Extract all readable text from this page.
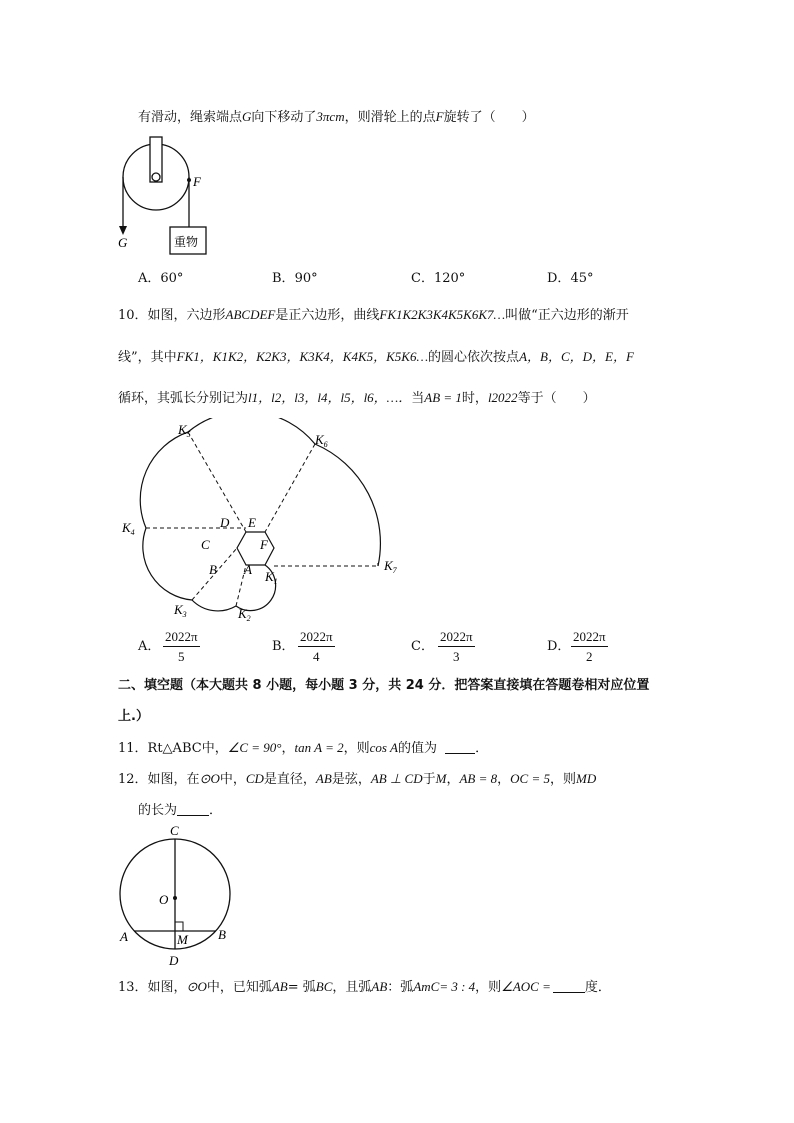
有滑动，绳索端点G向下移动了3πcm，则滑轮上的点F旋转了（　　）
F
G	重物
A．60°	B．90°	C．120°	D．45°
10．如图，六边形ABCDEF是正六边形，曲线FK1K2K3K4K5K6K7…叫做“正六边形的渐开
线”，其中FK1，K1K2，K2K3，K3K4，K4K5，K5K6…的圆心依次按点A，B，C，D，E，F
循环，其弧长分别记为l1，l2，l3，l4，l5，l6，…．当AB = 1时，l2022等于（　　）
$K_5$	$K_6$
$K_4$
D E
C	F
B A $K_1$
$K_7$
$K_3$	$K_2$
A． $\frac{2022\pi}{5}$	B． $\frac{2022\pi}{4}$	C． $\frac{2022\pi}{3}$	D． $\frac{2022\pi}{2}$
二、填空题（本大题共 8 小题，每小题 3 分，共 24 分．把答案直接填在答题卷相对应位置
上.）
11．Rt△ABC中，∠C = 90°，tan A = 2，则cos A的值为	．
12．如图，在⊙O中，CD是直径，AB是弦，AB ⊥ CD于M，AB = 8，OC = 5，则MD
的长为 ．
C
O
A	M B
D
13．如图，⊙O中，已知弧AB= 弧BC，且弧AB：弧AmC= 3 : 4，则∠AOC =	度．
